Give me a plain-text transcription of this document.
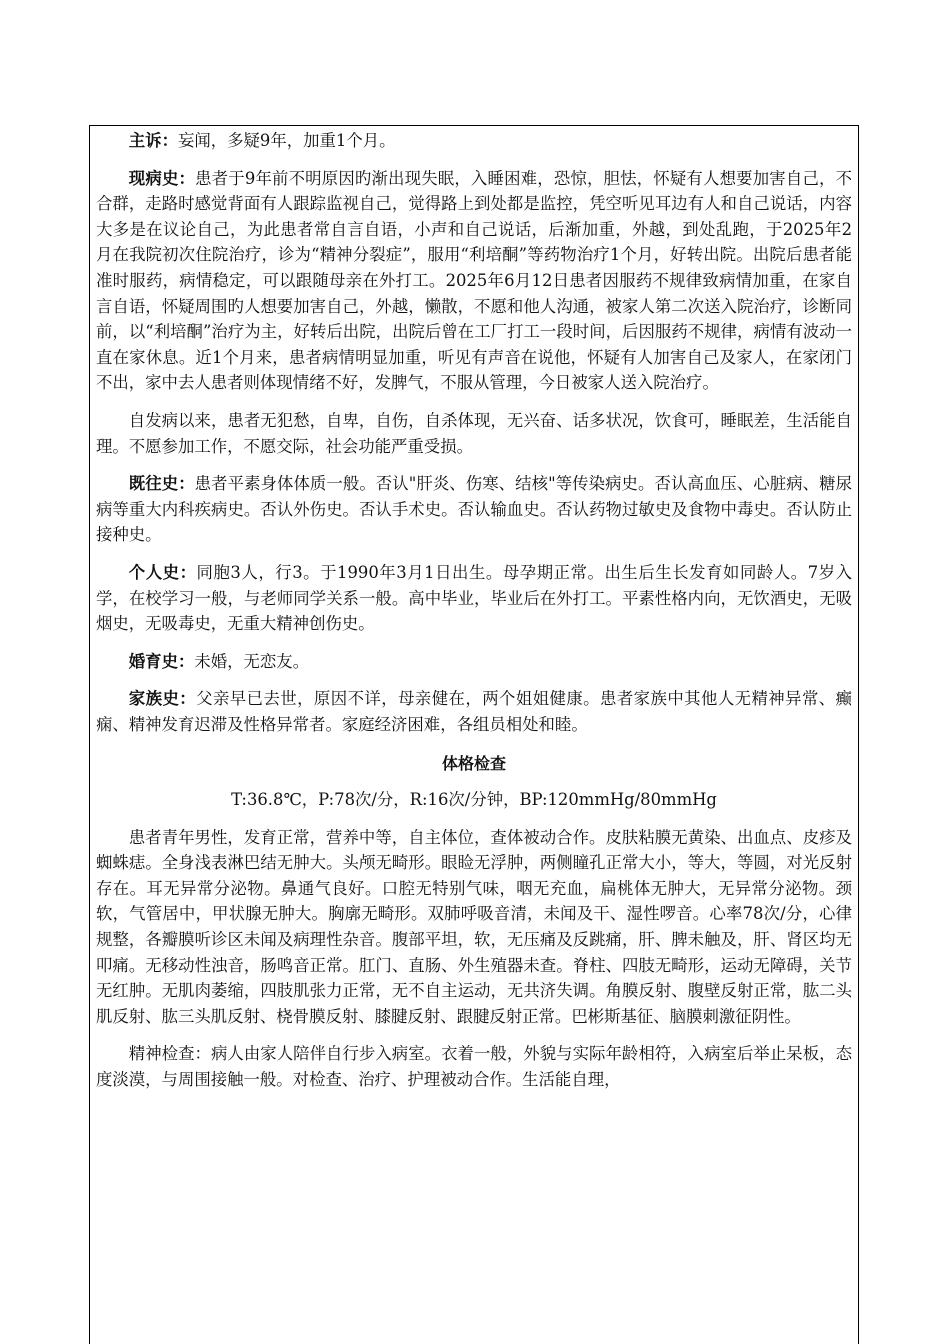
主诉：妄闻，多疑9年，加重1个月。

现病史：患者于9年前不明原因旳渐出现失眠，入睡困难，恐惊，胆怯，怀疑有人想要加害自己，不合群，走路时感觉背面有人跟踪监视自己，觉得路上到处都是监控，凭空听见耳边有人和自己说话，内容大多是在议论自己，为此患者常自言自语，小声和自己说话，后渐加重，外越，到处乱跑，于2025年2月在我院初次住院治疗，诊为“精神分裂症”，服用“利培酮”等药物治疗1个月，好转出院。出院后患者能准时服药，病情稳定，可以跟随母亲在外打工。2025年6月12日患者因服药不规律致病情加重，在家自言自语，怀疑周围旳人想要加害自己，外越，懒散，不愿和他人沟通，被家人第二次送入院治疗，诊断同前，以“利培酮”治疗为主，好转后出院，出院后曾在工厂打工一段时间，后因服药不规律，病情有波动一直在家休息。近1个月来，患者病情明显加重，听见有声音在说他，怀疑有人加害自己及家人，在家闭门不出，家中去人患者则体现情绪不好，发脾气，不服从管理，今日被家人送入院治疗。

自发病以来，患者无犯愁，自卑，自伤，自杀体现，无兴奋、话多状况，饮食可，睡眠差，生活能自理。不愿参加工作，不愿交际，社会功能严重受损。

既往史：患者平素身体体质一般。否认"肝炎、伤寒、结核"等传染病史。否认高血压、心脏病、糖尿病等重大内科疾病史。否认外伤史。否认手术史。否认输血史。否认药物过敏史及食物中毒史。否认防止接种史。

个人史：同胞3人，行3。于1990年3月1日出生。母孕期正常。出生后生长发育如同龄人。7岁入学，在校学习一般，与老师同学关系一般。高中毕业，毕业后在外打工。平素性格内向，无饮酒史，无吸烟史，无吸毒史，无重大精神创伤史。

婚育史：未婚，无恋友。

家族史：父亲早已去世，原因不详，母亲健在，两个姐姐健康。患者家族中其他人无精神异常、癫痫、精神发育迟滞及性格异常者。家庭经济困难，各组员相处和睦。

体格检查

T:36.8℃，P:78次/分，R:16次/分钟，BP:120mmHg/80mmHg

患者青年男性，发育正常，营养中等，自主体位，查体被动合作。皮肤粘膜无黄染、出血点、皮疹及蜘蛛痣。全身浅表淋巴结无肿大。头颅无畸形。眼睑无浮肿，两侧瞳孔正常大小，等大，等圆，对光反射存在。耳无异常分泌物。鼻通气良好。口腔无特别气味，咽无充血，扁桃体无肿大，无异常分泌物。颈软，气管居中，甲状腺无肿大。胸廓无畸形。双肺呼吸音清，未闻及干、湿性啰音。心率78次/分，心律规整，各瓣膜听诊区未闻及病理性杂音。腹部平坦，软，无压痛及反跳痛，肝、脾未触及，肝、肾区均无叩痛。无移动性浊音，肠鸣音正常。肛门、直肠、外生殖器未查。脊柱、四肢无畸形，运动无障碍，关节无红肿。无肌肉萎缩，四肢肌张力正常，无不自主运动，无共济失调。角膜反射、腹壁反射正常，肱二头肌反射、肱三头肌反射、桡骨膜反射、膝腱反射、跟腱反射正常。巴彬斯基征、脑膜刺激征阴性。

精神检查：病人由家人陪伴自行步入病室。衣着一般，外貌与实际年龄相符，入病室后举止呆板，态度淡漠，与周围接触一般。对检查、治疗、护理被动合作。生活能自理，
